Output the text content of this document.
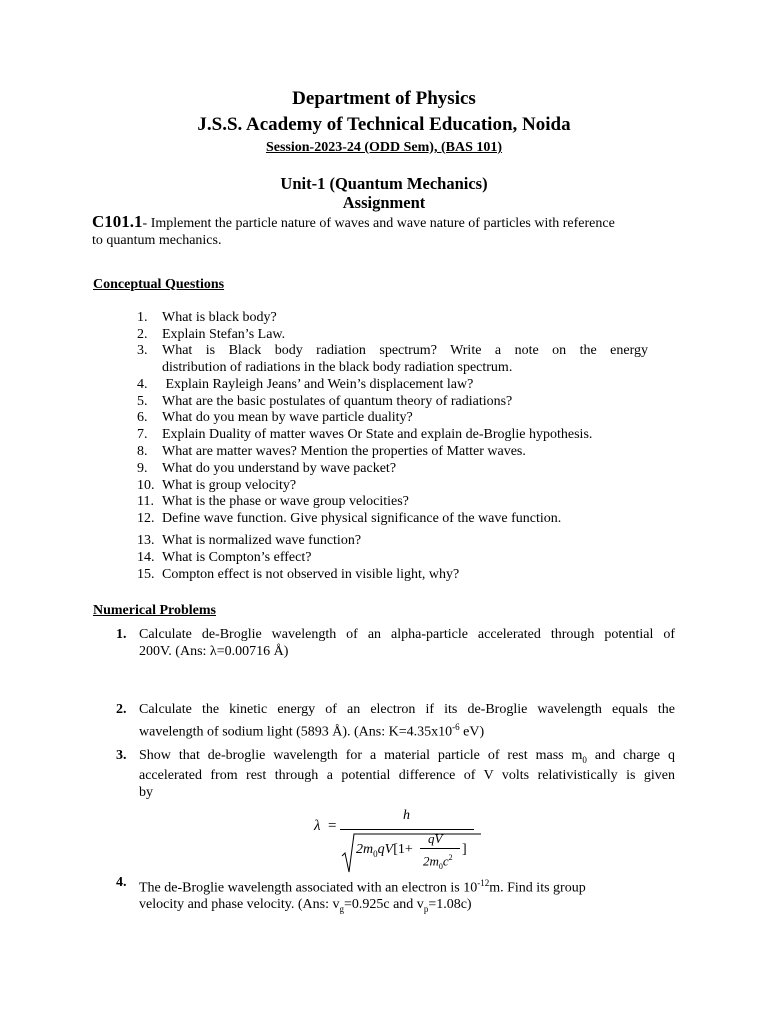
Department of Physics
J.S.S. Academy of Technical Education, Noida
Session-2023-24 (ODD Sem), (BAS 101)
Unit-1 (Quantum Mechanics)
Assignment
C101.1- Implement the particle nature of waves and wave nature of particles with reference
to quantum mechanics.
Conceptual Questions
1.	What is black body?
2.	Explain Stefan’s Law.
3.	What is Black body radiation spectrum? Write a note on the energy
distribution of radiations in the black body radiation spectrum.
4.	Explain Rayleigh Jeans’ and Wein’s displacement law?
5.	What are the basic postulates of quantum theory of radiations?
6.	What do you mean by wave particle duality?
7.	Explain Duality of matter waves Or State and explain de-Broglie hypothesis.
8.	What are matter waves? Mention the properties of Matter waves.
9.	What do you understand by wave packet?
10. What is group velocity?
11. What is the phase or wave group velocities?
12. Define wave function. Give physical significance of the wave function.
13. What is normalized wave function?
14. What is Compton’s effect?
15. Compton effect is not observed in visible light, why?
Numerical Problems
1. Calculate de-Broglie wavelength of an alpha-particle accelerated through potential of
200V. (Ans: λ=0.00716 Å)
2. Calculate the kinetic energy of an electron if its de-Broglie wavelength equals the
wavelength of sodium light (5893 Å). (Ans: $K=4.35x10^{-6}$ eV)
3. Show that de-broglie wavelength for a material particle of rest mass $m_0$ and charge q
accelerated from rest through a potential difference of V volts relativistically is given
by
λ =
h
$2m_0qV[1+$
qV
$2m_0c^2$
]
4. The de-Broglie wavelength associated with an electron is $10^{-12}m$. Find its group
velocity and phase velocity. (Ans: $v_g=0.925c$ and $v_p=1.08c$)
